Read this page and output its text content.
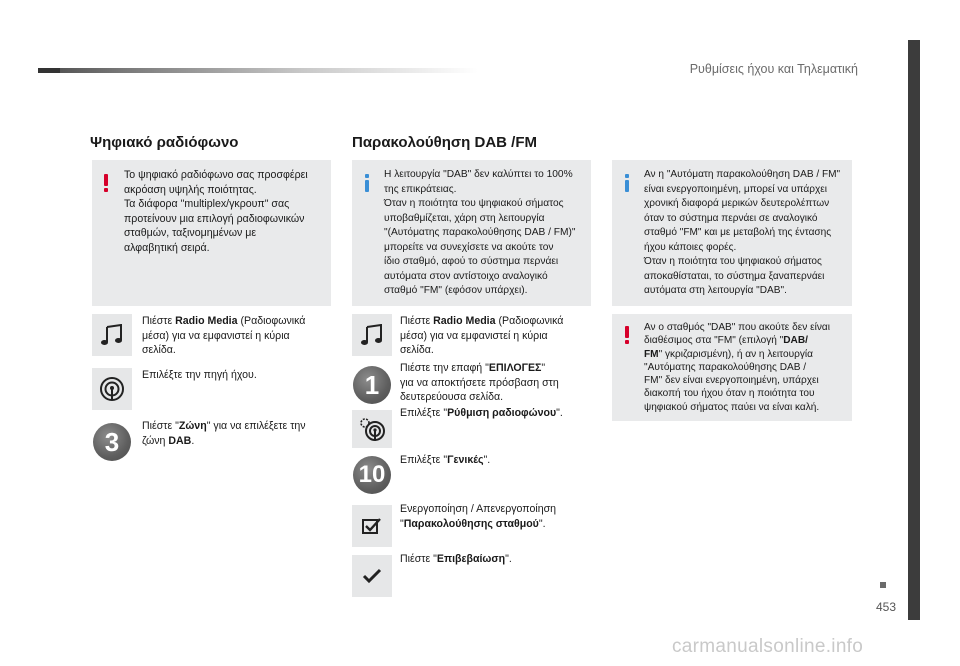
Ρυθμίσεις ήχου και Τηλεματική
453
Ψηφιακό ραδιόφωνο
Το ψηφιακό ραδιόφωνο σας προσφέρει
ακρόαση υψηλής ποιότητας.
Τα διάφορα "multiplex/γκρουπ" σας
προτείνουν μια επιλογή ραδιοφωνικών
σταθμών, ταξινομημένων με
αλφαβητική σειρά.
Πιέστε Radio Media (Ραδιοφωνικά
μέσα) για να εμφανιστεί η κύρια
σελίδα.
Επιλέξτε την πηγή ήχου.
3
Πιέστε "Ζώνη" για να επιλέξετε την
ζώνη DAB.
Παρακολούθηση DAB /FM
Η λειτουργία "DAB" δεν καλύπτει το 100%
της επικράτειας.
Όταν η ποιότητα του ψηφιακού σήματος
υποβαθμίζεται, χάρη στη λειτουργία
"(Αυτόματης παρακολούθησης DAB / FM)"
μπορείτε να συνεχίσετε να ακούτε τον
ίδιο σταθμό, αφού το σύστημα περνάει
αυτόματα στον αντίστοιχο αναλογικό
σταθμό "FM" (εφόσον υπάρχει).
Πιέστε Radio Media (Ραδιοφωνικά
μέσα) για να εμφανιστεί η κύρια
σελίδα.
1
Πιέστε την επαφή "ΕΠΙΛΟΓΕΣ"
για να αποκτήσετε πρόσβαση στη
δευτερεύουσα σελίδα.
Επιλέξτε "Ρύθμιση ραδιοφώνου".
10
Επιλέξτε "Γενικές".
Ενεργοποίηση / Απενεργοποίηση
"Παρακολούθησης σταθμού".
Πιέστε "Επιβεβαίωση".
Αν η "Αυτόματη παρακολούθηση DAB / FM"
είναι ενεργοποιημένη, μπορεί να υπάρχει
χρονική διαφορά μερικών δευτερολέπτων
όταν το σύστημα περνάει σε αναλογικό
σταθμό "FM" και με μεταβολή της έντασης
ήχου κάποιες φορές.
Όταν η ποιότητα του ψηφιακού σήματος
αποκαθίσταται, το σύστημα ξαναπερνάει
αυτόματα στη λειτουργία "DAB".
Αν ο σταθμός "DAB" που ακούτε δεν είναι
διαθέσιμος στα "FM" (επιλογή "DAB/
FM" γκριζαρισμένη), ή αν η λειτουργία
"Αυτόματης παρακολούθησης DAB /
FM" δεν είναι ενεργοποιημένη, υπάρχει
διακοπή του ήχου όταν η ποιότητα του
ψηφιακού σήματος παύει να είναι καλή.
carmanualsonline.info
